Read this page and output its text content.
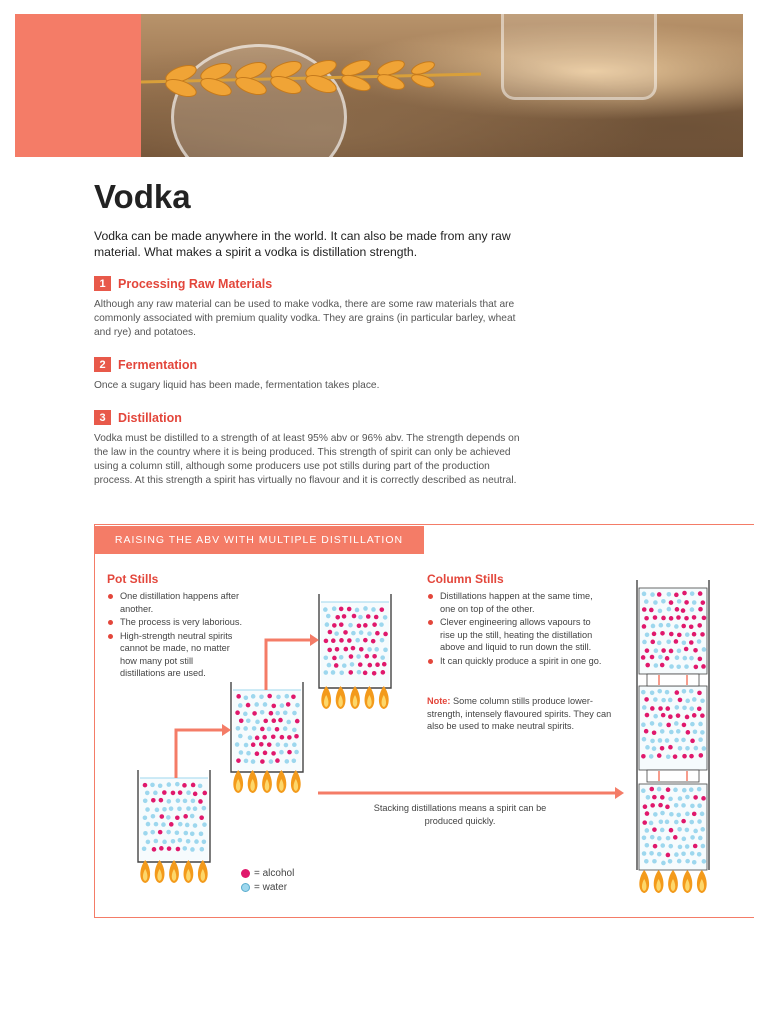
Vodka
Vodka can be made anywhere in the world. It can also be made from any raw material. What makes a spirit a vodka is distillation strength.
1 Processing Raw Materials
Although any raw material can be used to make vodka, there are some raw materials that are commonly associated with premium quality vodka. They are grains (in particular barley, wheat and rye) and potatoes.
2 Fermentation
Once a sugary liquid has been made, fermentation takes place.
3 Distillation
Vodka must be distilled to a strength of at least 95% abv or 96% abv. The strength depends on the law in the country where it is being produced. This strength of spirit can only be achieved using a column still, although some producers use pot stills during part of the production process. At this strength a spirit has virtually no flavour and it is correctly described as neutral.
RAISING THE ABV WITH MULTIPLE DISTILLATION
Pot Stills
One distillation happens after another.
The process is very laborious.
High-strength neutral spirits cannot be made, no matter how many pot still distillations are used.
Column Stills
Distillations happen at the same time, one on top of the other.
Clever engineering allows vapours to rise up the still, heating the distillation above and liquid to run down the still.
It can quickly produce a spirit in one go.
Note: Some column stills produce lower-strength, intensely flavoured spirits. They can also be used to make neutral spirits.
Stacking distillations means a spirit can be produced quickly.
= alcohol
= water
